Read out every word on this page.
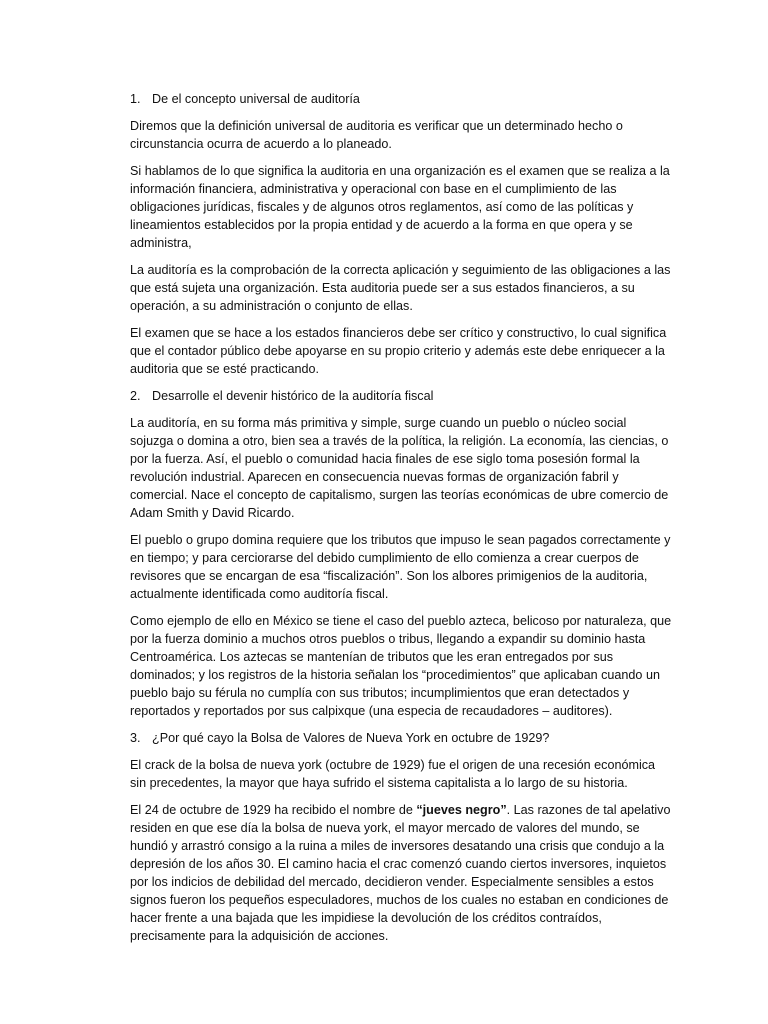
1. De el concepto universal de auditoría

Diremos que la definición universal de auditoria es verificar que un determinado hecho o circunstancia ocurra de acuerdo a lo planeado.

Si hablamos de lo que significa la auditoria en una organización es el examen que se realiza a la información financiera, administrativa y operacional con base en el cumplimiento de las obligaciones jurídicas, fiscales y de algunos otros reglamentos, así como de las políticas y lineamientos establecidos por la propia entidad y de acuerdo a la forma en que opera y se administra,

La auditoría es la comprobación de la correcta aplicación y seguimiento de las obligaciones a las que está sujeta una organización. Esta auditoria puede ser a sus estados financieros, a su operación, a su administración o conjunto de ellas.

El examen que se hace a los estados financieros debe ser crítico y constructivo, lo cual significa que el contador público debe apoyarse en su propio criterio y además este debe enriquecer a la auditoria que se esté practicando.

2. Desarrolle el devenir histórico de la auditoría fiscal

La auditoría, en su forma más primitiva y simple, surge cuando un pueblo o núcleo social sojuzga o domina a otro, bien sea a través de la política, la religión. La economía, las ciencias, o por la fuerza. Así, el pueblo o comunidad hacia finales de ese siglo toma posesión formal la revolución industrial. Aparecen en consecuencia nuevas formas de organización fabril y comercial. Nace el concepto de capitalismo, surgen las teorías económicas de ubre comercio de Adam Smith y David Ricardo.

El pueblo o grupo domina requiere que los tributos que impuso le sean pagados correctamente y en tiempo; y para cerciorarse del debido cumplimiento de ello comienza a crear cuerpos de revisores que se encargan de esa “fiscalización”. Son los albores primigenios de la auditoria, actualmente identificada como auditoría fiscal.

Como ejemplo de ello en México se tiene el caso del pueblo azteca, belicoso por naturaleza, que por la fuerza dominio a muchos otros pueblos o tribus, llegando a expandir su dominio hasta Centroamérica. Los aztecas se mantenían de tributos que les eran entregados por sus dominados; y los registros de la historia señalan los “procedimientos” que aplicaban cuando un pueblo bajo su férula no cumplía con sus tributos; incumplimientos que eran detectados y reportados y reportados por sus calpixque (una especia de recaudadores – auditores).

3. ¿Por qué cayo la Bolsa de Valores de Nueva York en octubre de 1929?

El crack de la bolsa de nueva york (octubre de 1929) fue el origen de una recesión económica sin precedentes, la mayor que haya sufrido el sistema capitalista a lo largo de su historia.

El 24 de octubre de 1929 ha recibido el nombre de “jueves negro”. Las razones de tal apelativo residen en que ese día la bolsa de nueva york, el mayor mercado de valores del mundo, se hundió y arrastró consigo a la ruina a miles de inversores desatando una crisis que condujo a la depresión de los años 30. El camino hacia el crac comenzó cuando ciertos inversores, inquietos por los indicios de debilidad del mercado, decidieron vender. Especialmente sensibles a estos signos fueron los pequeños especuladores, muchos de los cuales no estaban en condiciones de hacer frente a una bajada que les impidiese la devolución de los créditos contraídos, precisamente para la adquisición de acciones.
